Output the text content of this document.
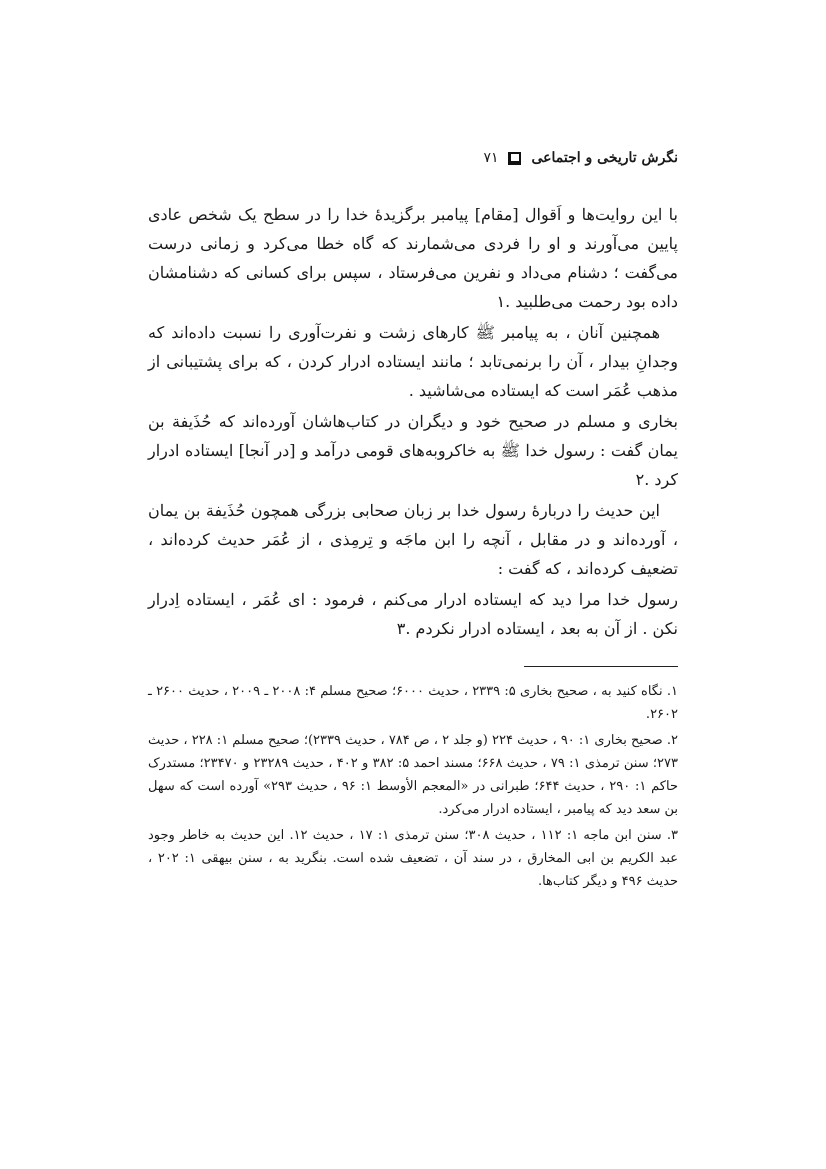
نگرش تاریخی و اجتماعی
۷۱

با این روایت‌ها و اَقوال [مقام] پیامبر برگزیدهٔ خدا را در سطح یک شخص عادی پایین می‌آورند و او را فردی می‌شمارند که گاه خطا می‌کرد و زمانی درست می‌گفت ؛ دشنام می‌داد و نفرین می‌فرستاد ، سپس برای کسانی که دشنامشان داده بود رحمت می‌طلبید .۱

همچنین آنان ، به پیامبر ﷺ کارهای زشت و نفرت‌آوری را نسبت داده‌اند که وجدانِ بیدار ، آن را برنمی‌تابد ؛ مانند ایستاده ادرار کردن ، که برای پشتیبانی از مذهب عُمَر است که ایستاده می‌شاشید .

بخاری و مسلم در صحیح خود و دیگران در کتاب‌هاشان آورده‌اند که حُذَیفة بن یمان گفت : رسول خدا ﷺ به خاکروبه‌های قومی درآمد و [در آنجا] ایستاده ادرار کرد .۲

این حدیث را دربارهٔ رسول خدا بر زبان صحابی بزرگی همچون حُذَیفة بن یمان ، آورده‌اند و در مقابل ، آنچه را ابن ماجَه و تِرمِذی ، از عُمَر حدیث کرده‌اند ، تضعیف کرده‌اند ، که گفت :

رسول خدا مرا دید که ایستاده ادرار می‌کنم ، فرمود : ای عُمَر ، ایستاده اِدرار نکن . از آن به بعد ، ایستاده ادرار نکردم .۳

۱. نگاه کنید به ، صحیح بخاری ۵: ۲۳۳۹ ، حدیث ۶۰۰۰؛ صحیح مسلم ۴: ۲۰۰۸ ـ ۲۰۰۹ ، حدیث ۲۶۰۰ ـ ۲۶۰۲.
۲. صحیح بخاری ۱: ۹۰ ، حدیث ۲۲۴ (و جلد ۲ ، ص ۷۸۴ ، حدیث ۲۳۳۹)؛ صحیح مسلم ۱: ۲۲۸ ، حدیث ۲۷۳؛ سنن ترمذی ۱: ۷۹ ، حدیث ۶۶۸؛ مسند احمد ۵: ۳۸۲ و ۴۰۲ ، حدیث ۲۳۲۸۹ و ۲۳۴۷۰؛ مستدرک حاکم ۱: ۲۹۰ ، حدیث ۶۴۴؛ طبرانی در «المعجم الأوسط ۱: ۹۶ ، حدیث ۲۹۳» آورده است که سهل بن سعد دید که پیامبر ، ایستاده ادرار می‌کرد.
۳. سنن ابن ماجه ۱: ۱۱۲ ، حدیث ۳۰۸؛ سنن ترمذی ۱: ۱۷ ، حدیث ۱۲. این حدیث به خاطر وجود عبد الکریم بن ابی المخارق ، در سند آن ، تضعیف شده است. بنگرید به ، سنن بیهقی ۱: ۲۰۲ ، حدیث ۴۹۶ و دیگر کتاب‌ها.
